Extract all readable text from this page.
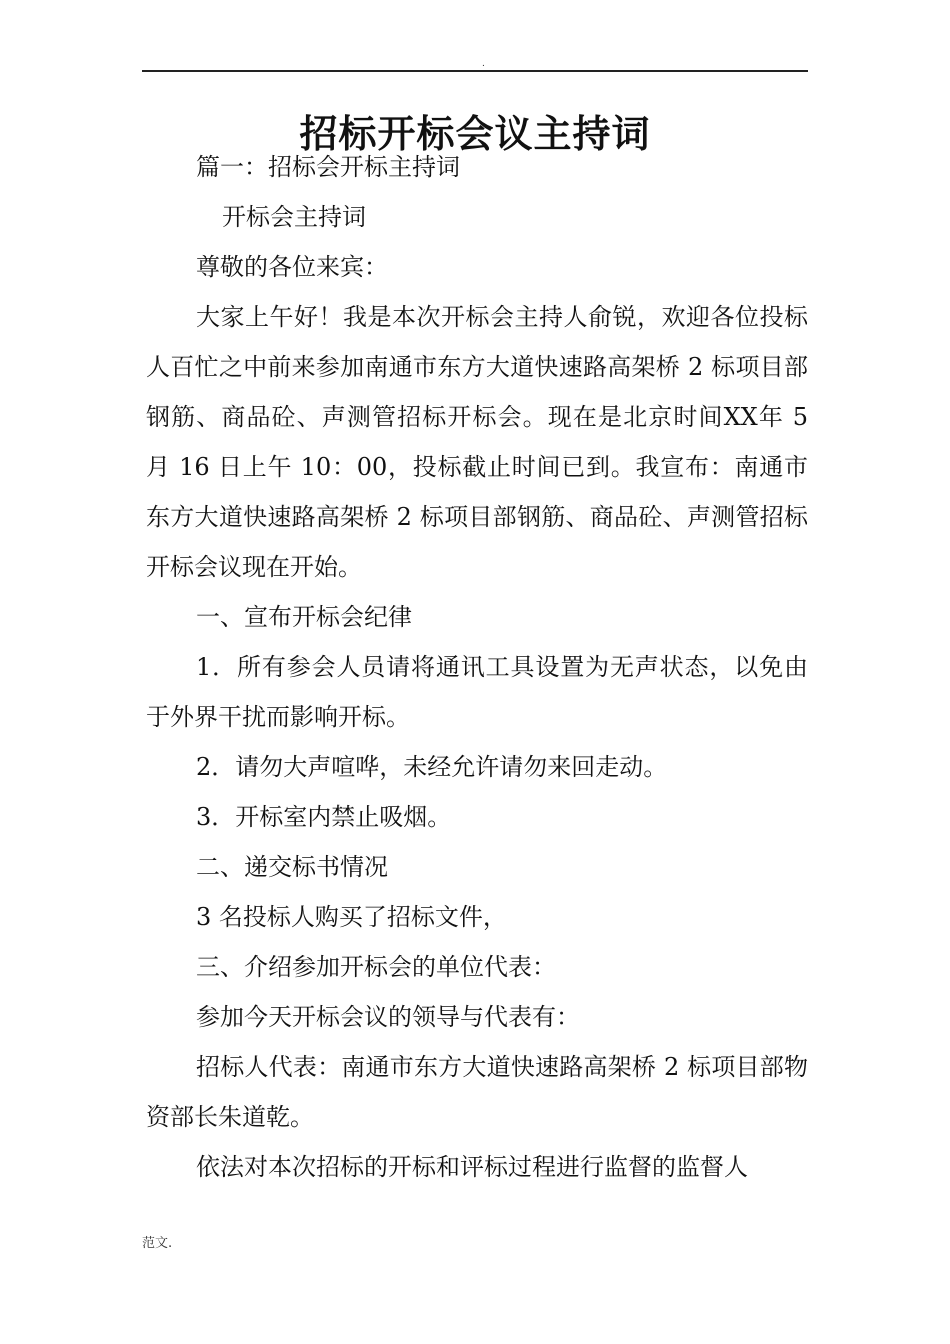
.
招标开标会议主持词

篇一：招标会开标主持词

开标会主持词

尊敬的各位来宾：

大家上午好！我是本次开标会主持人俞锐，欢迎各位投标人百忙之中前来参加南通市东方大道快速路高架桥 2 标项目部钢筋、商品砼、声测管招标开标会。现在是北京时间XX年 5 月 16 日上午 10：00，投标截止时间已到。我宣布：南通市东方大道快速路高架桥 2 标项目部钢筋、商品砼、声测管招标开标会议现在开始。

一、宣布开标会纪律

1．所有参会人员请将通讯工具设置为无声状态，以免由于外界干扰而影响开标。

2．请勿大声喧哗，未经允许请勿来回走动。

3．开标室内禁止吸烟。

二、递交标书情况

3 名投标人购买了招标文件，

三、介绍参加开标会的单位代表：

参加今天开标会议的领导与代表有：

招标人代表：南通市东方大道快速路高架桥 2 标项目部物资部长朱道乾。

依法对本次招标的开标和评标过程进行监督的监督人

范文.
